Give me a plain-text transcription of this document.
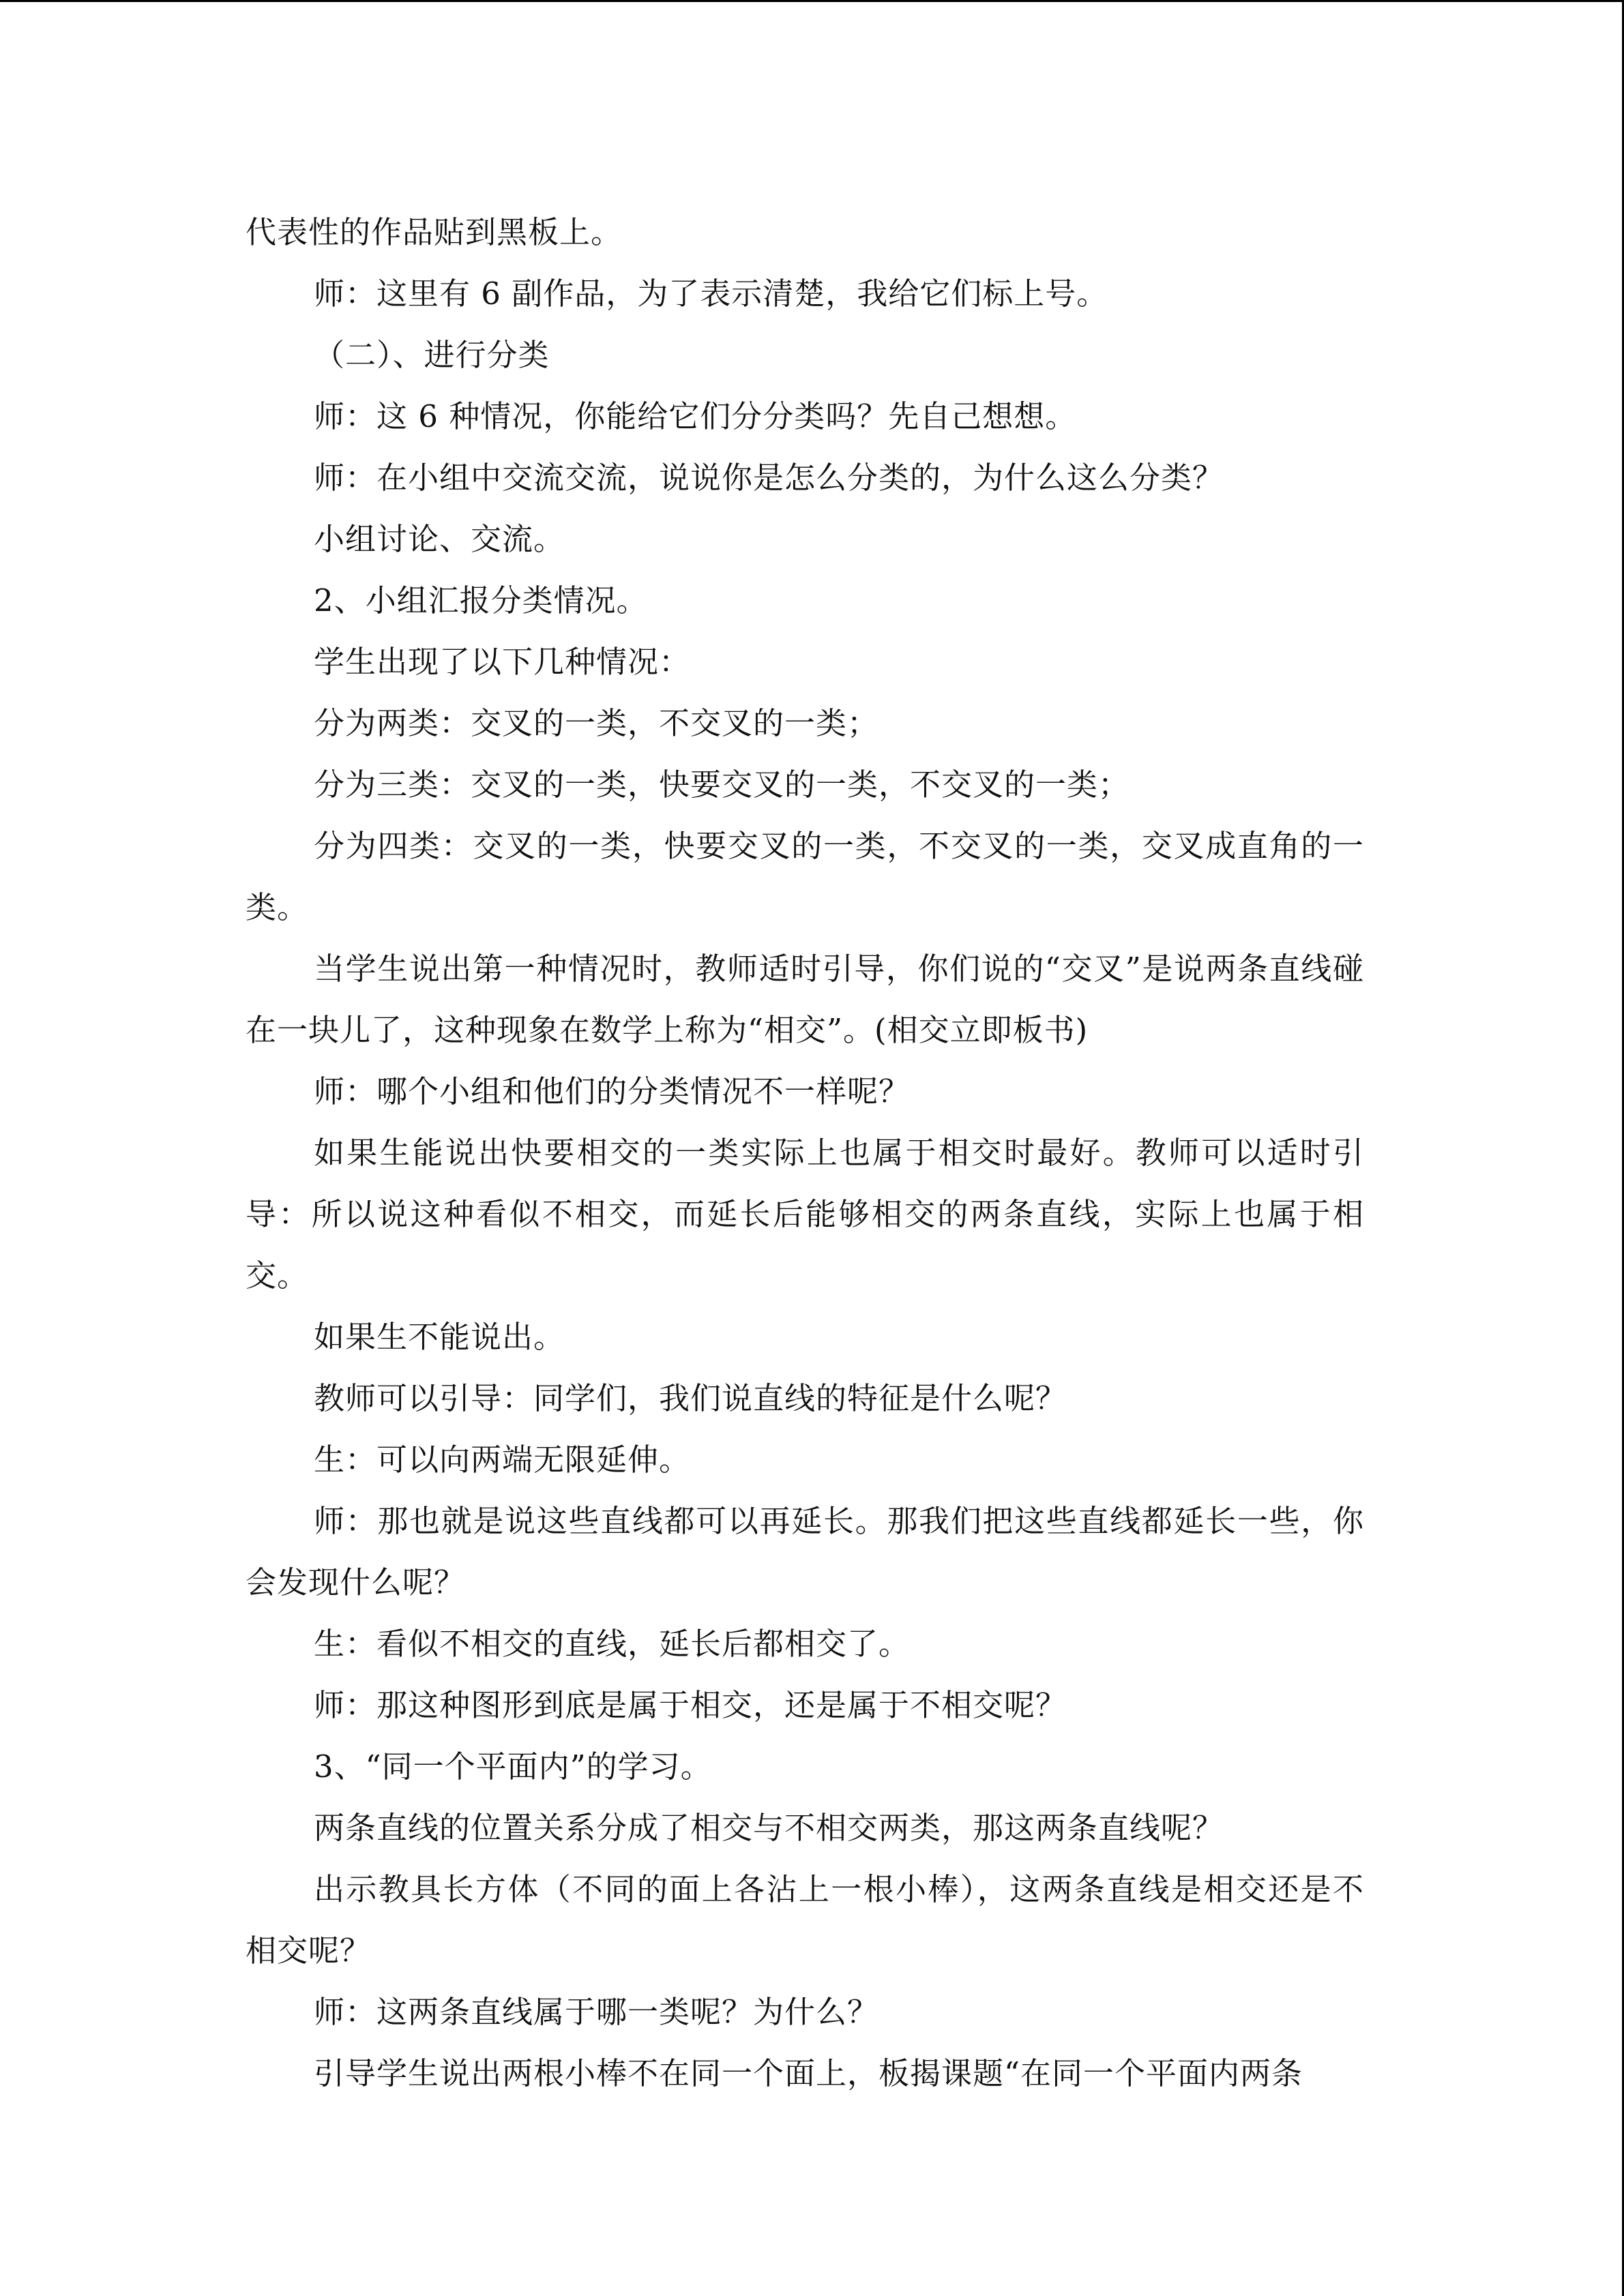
代表性的作品贴到黑板上。

师：这里有 6 副作品，为了表示清楚，我给它们标上号。

（二）、进行分类

师：这 6 种情况，你能给它们分分类吗？先自己想想。

师：在小组中交流交流，说说你是怎么分类的，为什么这么分类？

小组讨论、交流。

2、小组汇报分类情况。

学生出现了以下几种情况：

分为两类：交叉的一类，不交叉的一类；

分为三类：交叉的一类，快要交叉的一类，不交叉的一类；

分为四类：交叉的一类，快要交叉的一类，不交叉的一类，交叉成直角的一类。

当学生说出第一种情况时，教师适时引导，你们说的“交叉”是说两条直线碰在一块儿了，这种现象在数学上称为“相交”。(相交立即板书)

师：哪个小组和他们的分类情况不一样呢？

如果生能说出快要相交的一类实际上也属于相交时最好。教师可以适时引导：所以说这种看似不相交，而延长后能够相交的两条直线，实际上也属于相交。

如果生不能说出。

教师可以引导：同学们，我们说直线的特征是什么呢？

生：可以向两端无限延伸。

师：那也就是说这些直线都可以再延长。那我们把这些直线都延长一些，你会发现什么呢？

生：看似不相交的直线，延长后都相交了。

师：那这种图形到底是属于相交，还是属于不相交呢？

3、“同一个平面内”的学习。

两条直线的位置关系分成了相交与不相交两类，那这两条直线呢？

出示教具长方体（不同的面上各沾上一根小棒），这两条直线是相交还是不相交呢？

师：这两条直线属于哪一类呢？为什么？

引导学生说出两根小棒不在同一个面上，板揭课题“在同一个平面内两条
